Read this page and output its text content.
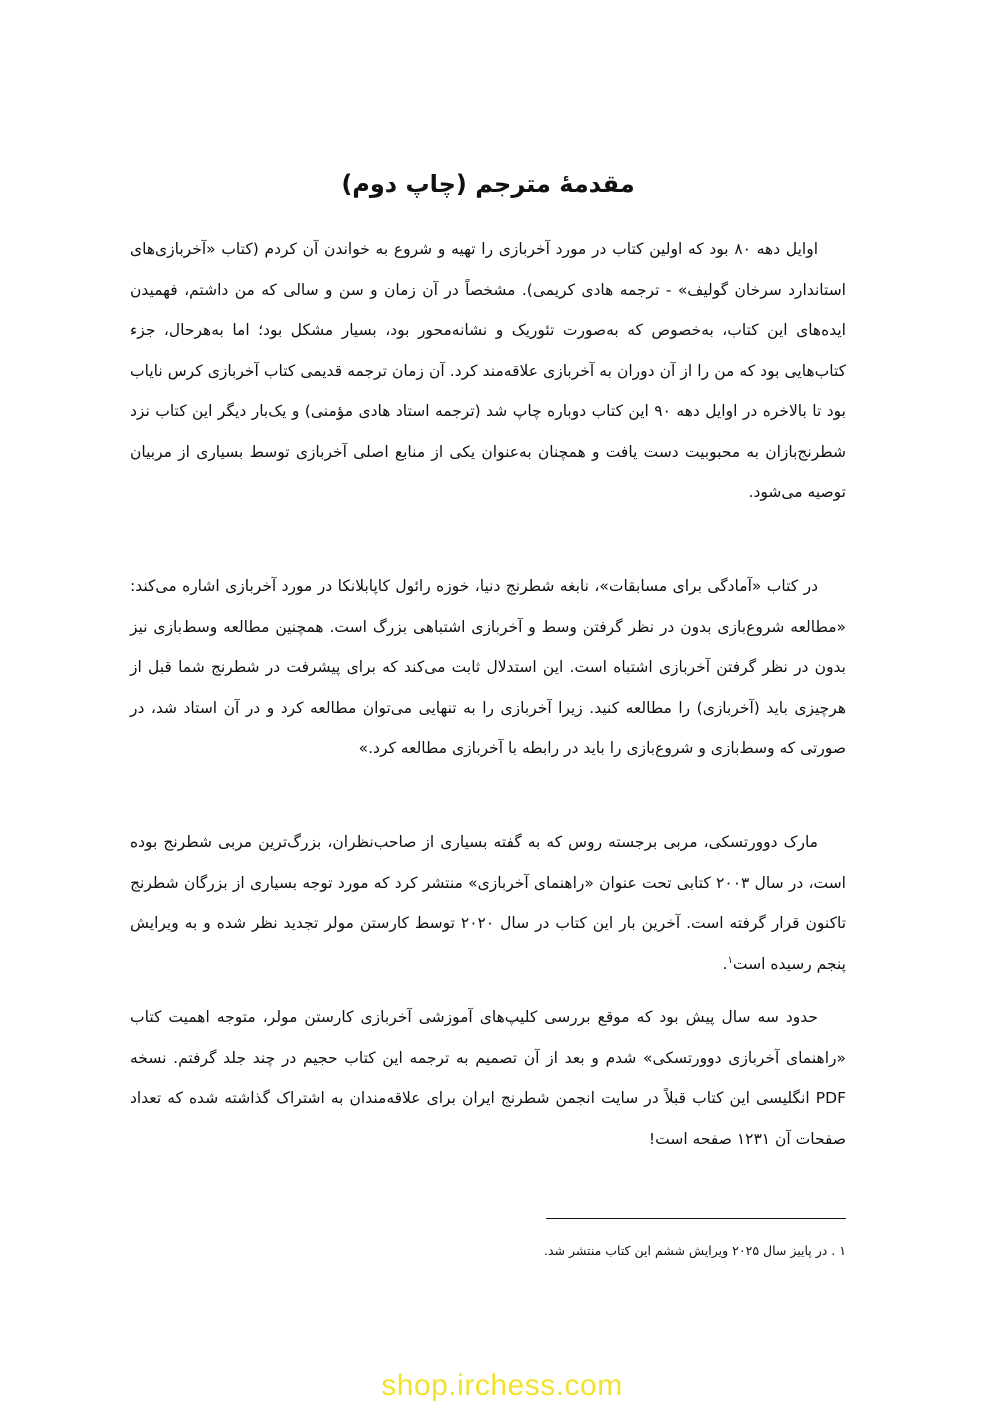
مقدمهٔ مترجم (چاپ دوم)

اوایل دهه ۸۰ بود که اولین کتاب در مورد آخربازی را تهیه و شروع به خواندن آن کردم (کتاب «آخربازی‌های استاندارد سرخان گولیف» - ترجمه هادی کریمی). مشخصاً در آن زمان و سن و سالی که من داشتم، فهمیدن ایده‌های این کتاب، به‌خصوص که به‌صورت تئوریک و نشانه‌محور بود، بسیار مشکل بود؛ اما به‌هرحال، جزء کتاب‌هایی بود که من را از آن دوران به آخربازی علاقه‌مند کرد. آن زمان ترجمه قدیمی کتاب آخربازی کرس نایاب بود تا بالاخره در اوایل دهه ۹۰ این کتاب دوباره چاپ شد (ترجمه استاد هادی مؤمنی) و یک‌بار دیگر این کتاب نزد شطرنج‌بازان به محبوبیت دست یافت و همچنان به‌عنوان یکی از منابع اصلی آخربازی توسط بسیاری از مربیان توصیه می‌شود.

در کتاب «آمادگی برای مسابقات»، نابغه شطرنج دنیا، خوزه رائول کاپابلانکا در مورد آخربازی اشاره می‌کند: «مطالعه شروع‌بازی بدون در نظر گرفتن وسط و آخربازی اشتباهی بزرگ است. همچنین مطالعه وسط‌بازی نیز بدون در نظر گرفتن آخربازی اشتباه است. این استدلال ثابت می‌کند که برای پیشرفت در شطرنج شما قبل از هرچیزی باید (آخربازی) را مطالعه کنید. زیرا آخربازی را به تنهایی می‌توان مطالعه کرد و در آن استاد شد، در صورتی که وسط‌بازی و شروع‌بازی را باید در رابطه با آخربازی مطالعه کرد.»

مارک دوورتسکی، مربی برجسته روس که به گفته بسیاری از صاحب‌نظران، بزرگ‌ترین مربی شطرنج بوده است، در سال ۲۰۰۳ کتابی تحت عنوان «راهنمای آخربازی» منتشر کرد که مورد توجه بسیاری از بزرگان شطرنج تاکنون قرار گرفته است. آخرین بار این کتاب در سال ۲۰۲۰ توسط کارستن مولر تجدید نظر شده و به ویرایش پنجم رسیده است$^۱$.

حدود سه سال پیش بود که موقع بررسی کلیپ‌های آموزشی آخربازی کارستن مولر، متوجه اهمیت کتاب «راهنمای آخربازی دوورتسکی» شدم و بعد از آن تصمیم به ترجمه این کتاب حجیم در چند جلد گرفتم. نسخه PDF انگلیسی این کتاب قبلاً در سایت انجمن شطرنج ایران برای علاقه‌مندان به اشتراک گذاشته شده که تعداد صفحات آن ۱۲۳۱ صفحه است!

۱ . در پاییز سال ۲۰۲۵ ویرایش ششم این کتاب منتشر شد.

shop.irchess.com
